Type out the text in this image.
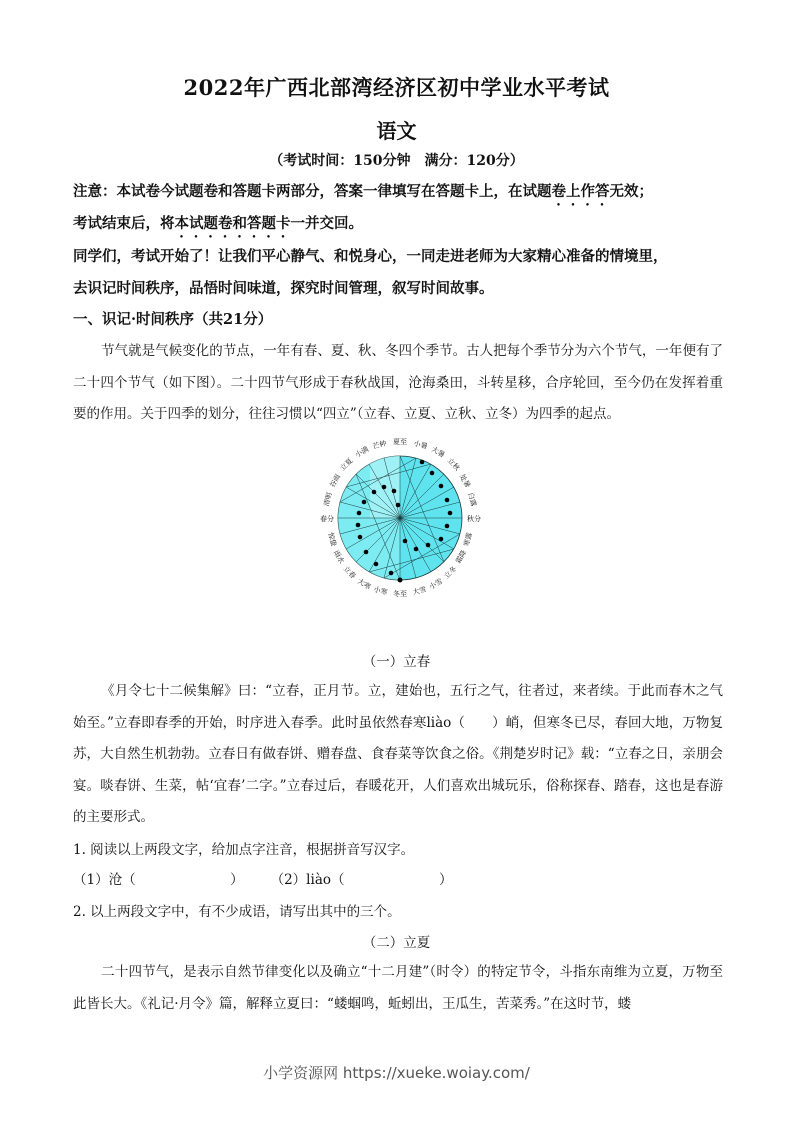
2022年广西北部湾经济区初中学业水平考试
语文
（考试时间：150分钟　满分：120分）
注意：本试卷今试题卷和答题卡两部分，答案一律填写在答题卡上，在试题卷上作答无效；
考试结束后，将本试题卷和答题卡一并交回。
同学们，考试开始了！让我们平心静气、和悦身心，一同走进老师为大家精心准备的情境里，
去识记时间秩序，品悟时间味道，探究时间管理，叙写时间故事。
一、识记·时间秩序（共21分）
节气就是气候变化的节点，一年有春、夏、秋、冬四个季节。古人把每个季节分为六个节气，一年便有了二十四个节气（如下图）。二十四节气形成于春秋战国，沧海桑田，斗转星移，合序轮回，至今仍在发挥着重要的作用。关于四季的划分，往往习惯以“四立”（立春、立夏、立秋、立冬）为四季的起点。
夏至
冬至
春分	秋分
小暑
大暑
立秋
处暑
白露
寒露
霜降
立冬
小雪
大雪
芒种
小满
立夏
谷雨
清明
惊蛰
雨水
立春
大寒 小寒
（一）立春
《月令七十二候集解》曰：“立春，正月节。立，建始也，五行之气，往者过，来者续。于此而春木之气始至。”立春即春季的开始，时序进入春季。此时虽依然春寒liào（　　）峭，但寒冬已尽，春回大地，万物复苏，大自然生机勃勃。立春日有做春饼、赠春盘、食春菜等饮食之俗。《荆楚岁时记》载：“立春之日，亲朋会宴。啖春饼、生菜，帖‘宜春’二字。”立春过后，春暖花开，人们喜欢出城玩乐，俗称探春、踏春，这也是春游的主要形式。
1. 阅读以上两段文字，给加点字注音，根据拼音写汉字。
（1）沧（　　　　　　　）　　　（2）liào（　　　　　　　）
2. 以上两段文字中，有不少成语，请写出其中的三个。
（二）立夏
二十四节气，是表示自然节律变化以及确立“十二月建”（时令）的特定节令，斗指东南维为立夏，万物至此皆长大。《礼记·月令》篇，解释立夏曰：“蝼蝈鸣，蚯蚓出，王瓜生，苦菜秀。”在这时节，蝼
小学资源网 https://xueke.woiay.com/
